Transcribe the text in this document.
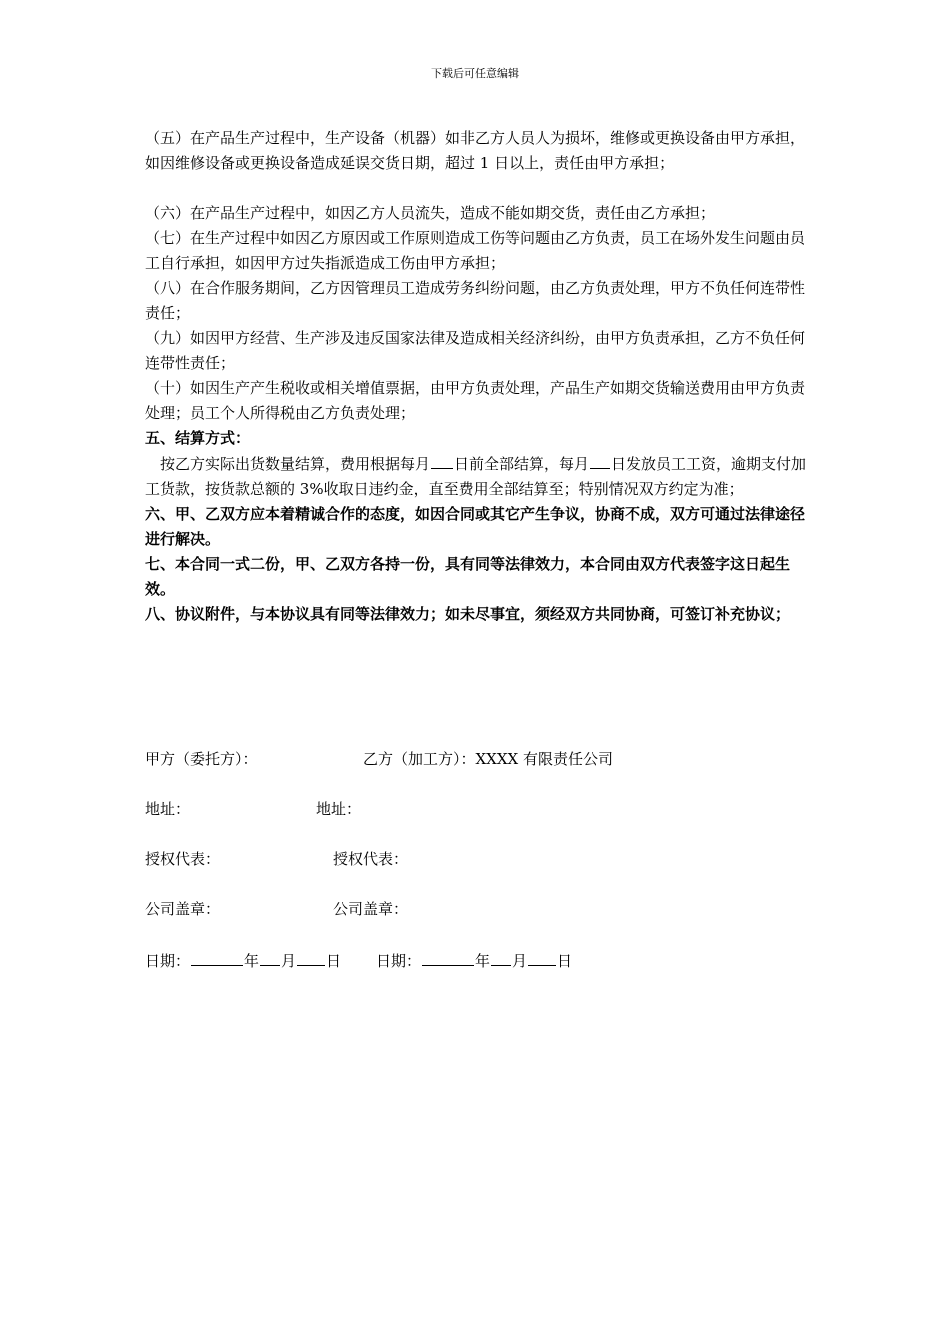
下载后可任意编辑

（五）在产品生产过程中，生产设备（机器）如非乙方人员人为损坏，维修或更换设备由甲方承担，如因维修设备或更换设备造成延误交货日期，超过 1 日以上，责任由甲方承担；

（六）在产品生产过程中，如因乙方人员流失，造成不能如期交货，责任由乙方承担；

（七）在生产过程中如因乙方原因或工作原则造成工伤等问题由乙方负责，员工在场外发生问题由员工自行承担，如因甲方过失指派造成工伤由甲方承担；

（八）在合作服务期间，乙方因管理员工造成劳务纠纷问题，由乙方负责处理，甲方不负任何连带性责任；

（九）如因甲方经营、生产涉及违反国家法律及造成相关经济纠纷，由甲方负责承担，乙方不负任何连带性责任；

（十）如因生产产生税收或相关增值票据，由甲方负责处理，产品生产如期交货输送费用由甲方负责处理；员工个人所得税由乙方负责处理；

五、结算方式：

按乙方实际出货数量结算，费用根据每月 日前全部结算，每月 日发放员工工资，逾期支付加工货款，按货款总额的 3%收取日违约金，直至费用全部结算至；特别情况双方约定为准；

六、甲、乙双方应本着精诚合作的态度，如因合同或其它产生争议，协商不成，双方可通过法律途径进行解决。

七、本合同一式二份，甲、乙双方各持一份，具有同等法律效力，本合同由双方代表签字这日起生效。

八、协议附件，与本协议具有同等法律效力；如未尽事宜，须经双方共同协商，可签订补充协议；

甲方（委托方）：	乙方（加工方）：XXXX 有限责任公司
地址：	地址：
授权代表：	授权代表：
公司盖章：	公司盖章：
日期：	年 月 日 日期：	年 月 日
